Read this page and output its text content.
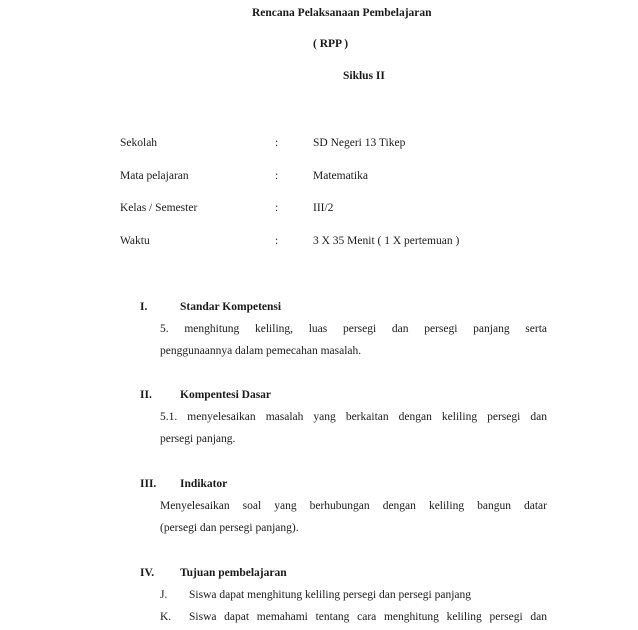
Rencana Pelaksanaan Pembelajaran
( RPP )
Siklus II
Sekolah	:	SD Negeri 13 Tikep
Mata pelajaran	:	Matematika
Kelas / Semester	:	III/2
Waktu	:	3 X 35 Menit ( 1 X pertemuan )
I.	Standar Kompetensi
5. menghitung keliling, luas persegi dan persegi panjang serta
penggunaannya dalam pemecahan masalah.
II. Kompentesi Dasar
5.1. menyelesaikan masalah yang berkaitan dengan keliling persegi dan
persegi panjang.
III. Indikator
Menyelesaikan soal yang berhubungan dengan keliling bangun datar
(persegi dan persegi panjang).
IV. Tujuan pembelajaran
J. Siswa dapat menghitung keliling persegi dan persegi panjang
K. Siswa dapat memahami tentang cara menghitung keliling persegi dan
